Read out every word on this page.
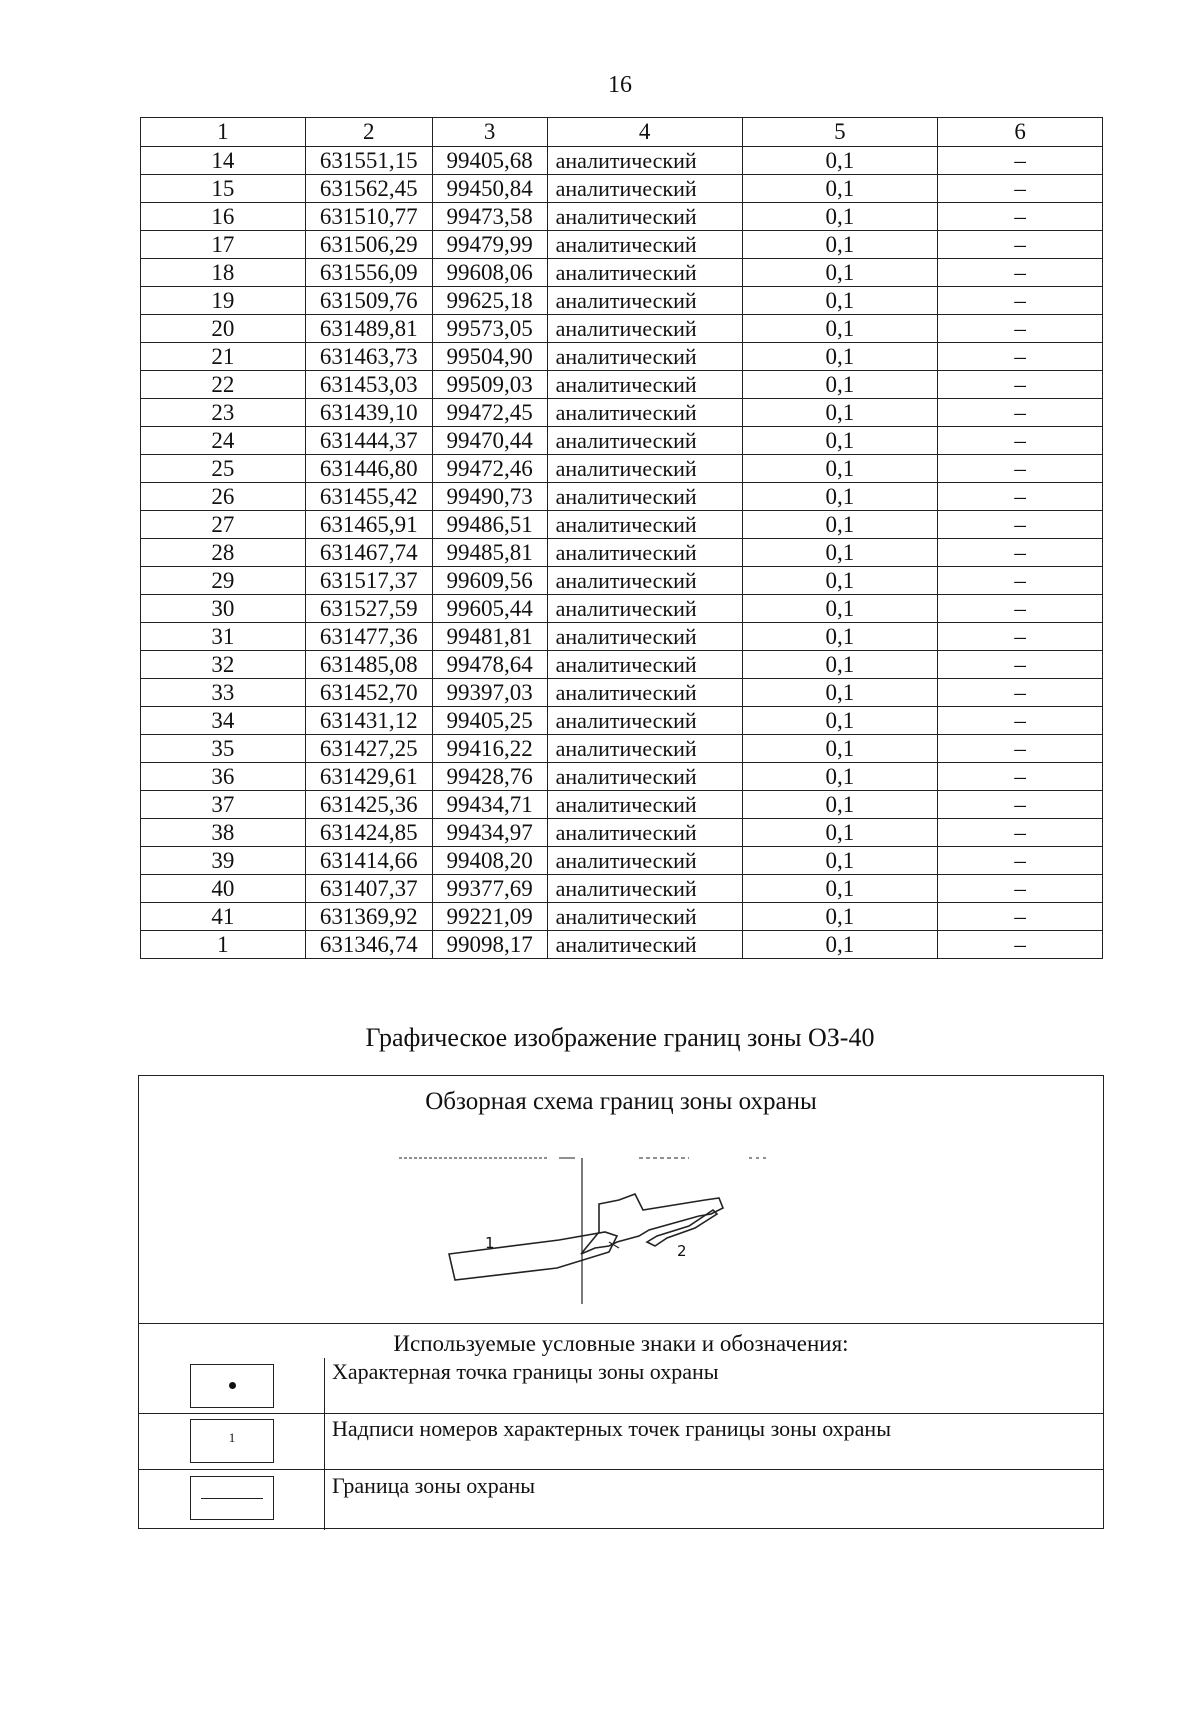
16
1	2	3	4	5	6
14	631551,15	99405,68	аналитический	0,1	–
15	631562,45	99450,84	аналитический	0,1	–
16	631510,77	99473,58	аналитический	0,1	–
17	631506,29	99479,99	аналитический	0,1	–
18	631556,09	99608,06	аналитический	0,1	–
19	631509,76	99625,18	аналитический	0,1	–
20	631489,81	99573,05	аналитический	0,1	–
21	631463,73	99504,90	аналитический	0,1	–
22	631453,03	99509,03	аналитический	0,1	–
23	631439,10	99472,45	аналитический	0,1	–
24	631444,37	99470,44	аналитический	0,1	–
25	631446,80	99472,46	аналитический	0,1	–
26	631455,42	99490,73	аналитический	0,1	–
27	631465,91	99486,51	аналитический	0,1	–
28	631467,74	99485,81	аналитический	0,1	–
29	631517,37	99609,56	аналитический	0,1	–
30	631527,59	99605,44	аналитический	0,1	–
31	631477,36	99481,81	аналитический	0,1	–
32	631485,08	99478,64	аналитический	0,1	–
33	631452,70	99397,03	аналитический	0,1	–
34	631431,12	99405,25	аналитический	0,1	–
35	631427,25	99416,22	аналитический	0,1	–
36	631429,61	99428,76	аналитический	0,1	–
37	631425,36	99434,71	аналитический	0,1	–
38	631424,85	99434,97	аналитический	0,1	–
39	631414,66	99408,20	аналитический	0,1	–
40	631407,37	99377,69	аналитический	0,1	–
41	631369,92	99221,09	аналитический	0,1	–
1	631346,74	99098,17	аналитический	0,1	–
Графическое изображение границ зоны ОЗ-40
Обзорная схема границ зоны охраны
1	2
Используемые условные знаки и обозначения:
Характерная точка границы зоны охраны
1	Надписи номеров характерных точек границы зоны охраны
Граница зоны охраны
